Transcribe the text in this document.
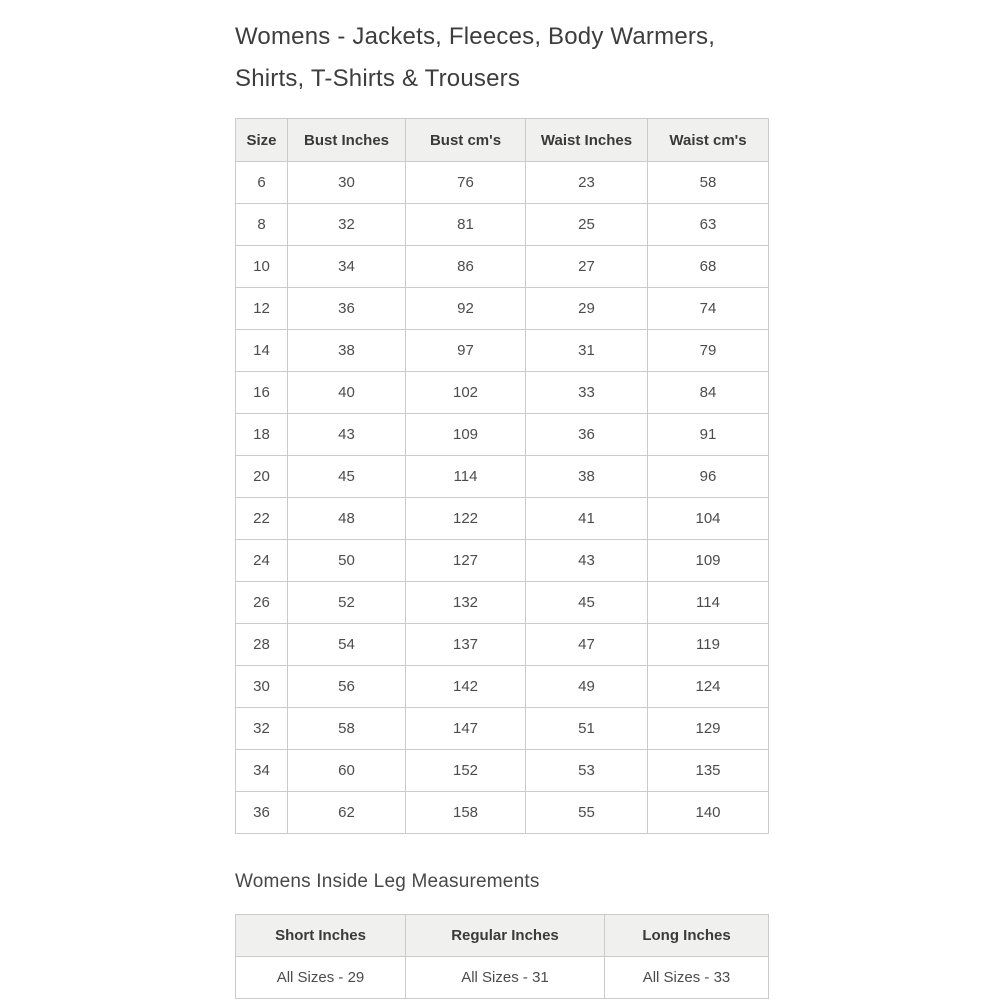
Womens - Jackets, Fleeces, Body Warmers, Shirts, T-Shirts & Trousers
Size	Bust Inches	Bust cm's	Waist Inches	Waist cm's
6	30	76	23	58
8	32	81	25	63
10	34	86	27	68
12	36	92	29	74
14	38	97	31	79
16	40	102	33	84
18	43	109	36	91
20	45	114	38	96
22	48	122	41	104
24	50	127	43	109
26	52	132	45	114
28	54	137	47	119
30	56	142	49	124
32	58	147	51	129
34	60	152	53	135
36	62	158	55	140
Womens Inside Leg Measurements
Short Inches	Regular Inches	Long Inches
All Sizes - 29	All Sizes - 31	All Sizes - 33
